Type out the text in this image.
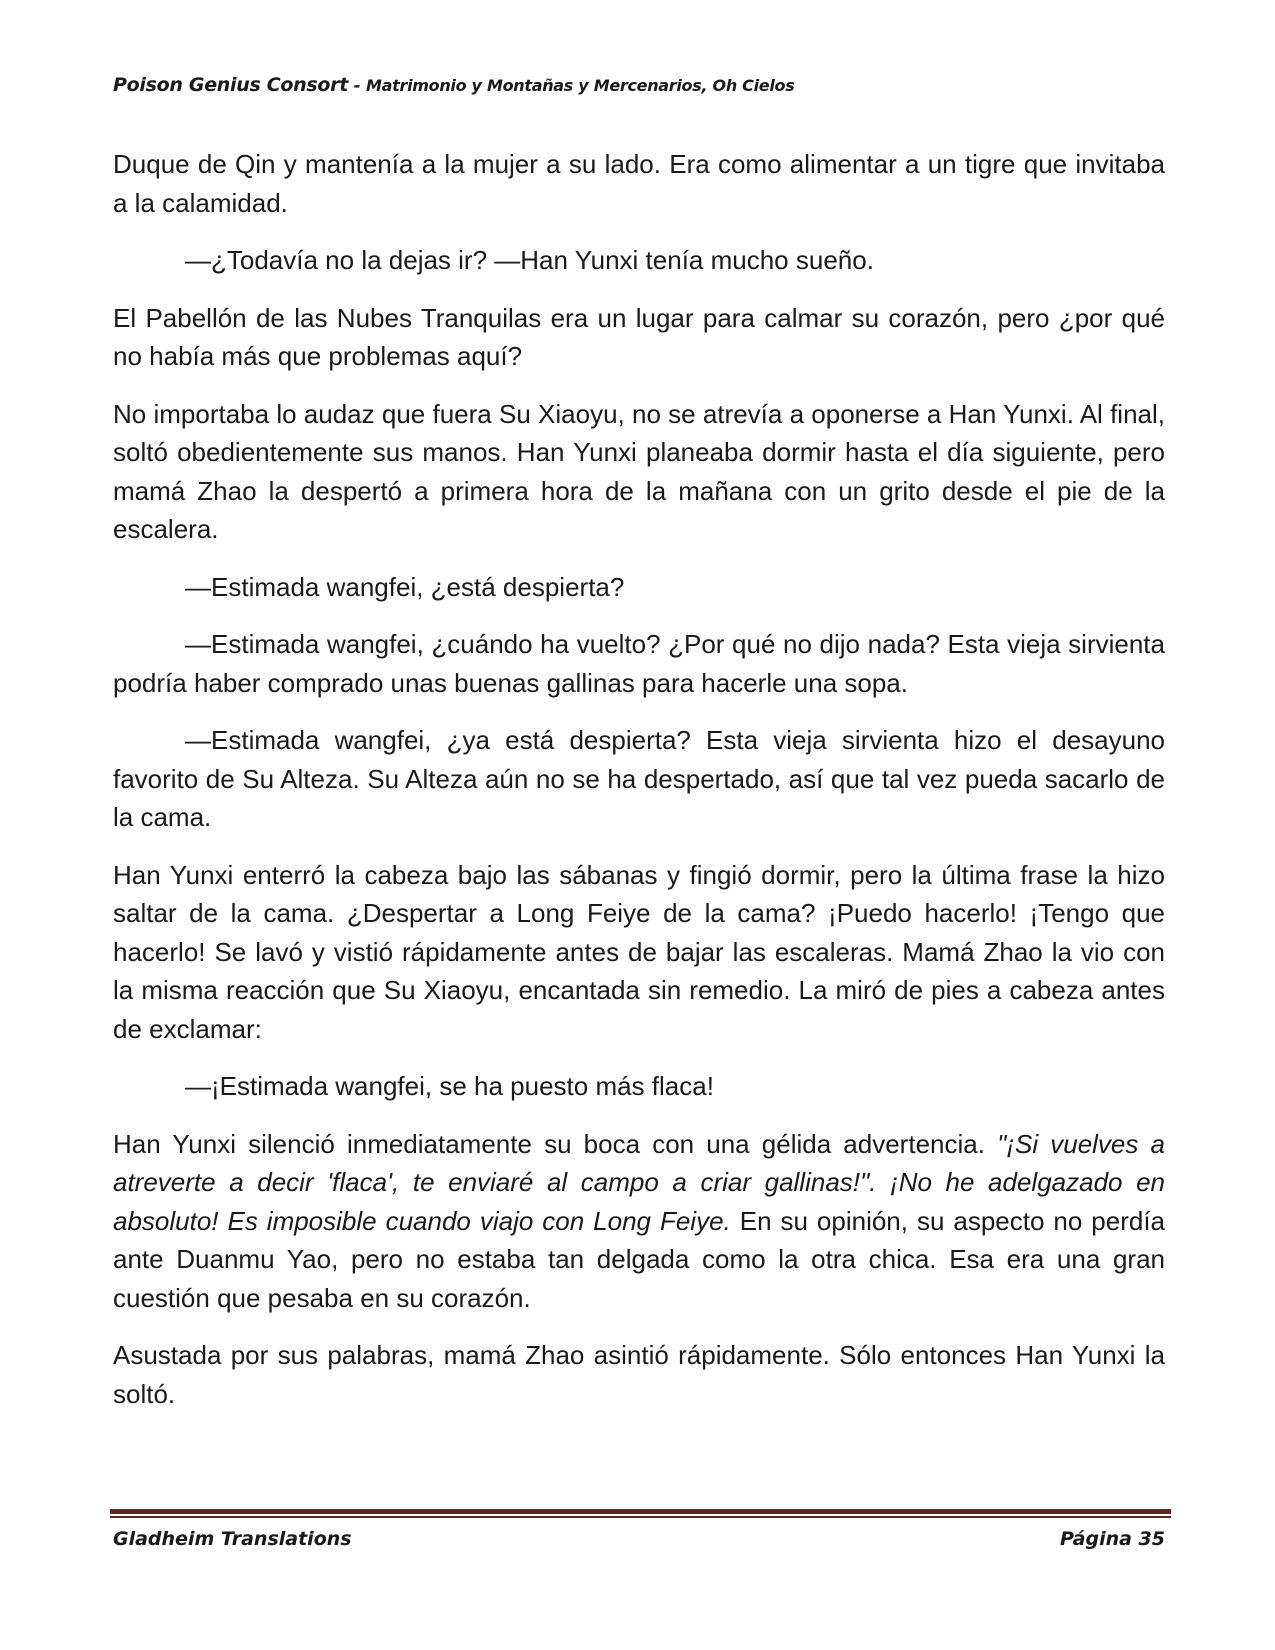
Poison Genius Consort - Matrimonio y Montañas y Mercenarios, Oh Cielos

Duque de Qin y mantenía a la mujer a su lado. Era como alimentar a un tigre que invitaba a la calamidad.

—¿Todavía no la dejas ir? —Han Yunxi tenía mucho sueño.

El Pabellón de las Nubes Tranquilas era un lugar para calmar su corazón, pero ¿por qué no había más que problemas aquí?

No importaba lo audaz que fuera Su Xiaoyu, no se atrevía a oponerse a Han Yunxi. Al final, soltó obedientemente sus manos. Han Yunxi planeaba dormir hasta el día siguiente, pero mamá Zhao la despertó a primera hora de la mañana con un grito desde el pie de la escalera.

—Estimada wangfei, ¿está despierta?

—Estimada wangfei, ¿cuándo ha vuelto? ¿Por qué no dijo nada? Esta vieja sirvienta podría haber comprado unas buenas gallinas para hacerle una sopa.

—Estimada wangfei, ¿ya está despierta? Esta vieja sirvienta hizo el desayuno favorito de Su Alteza. Su Alteza aún no se ha despertado, así que tal vez pueda sacarlo de la cama.

Han Yunxi enterró la cabeza bajo las sábanas y fingió dormir, pero la última frase la hizo saltar de la cama. ¿Despertar a Long Feiye de la cama? ¡Puedo hacerlo! ¡Tengo que hacerlo! Se lavó y vistió rápidamente antes de bajar las escaleras. Mamá Zhao la vio con la misma reacción que Su Xiaoyu, encantada sin remedio. La miró de pies a cabeza antes de exclamar:

—¡Estimada wangfei, se ha puesto más flaca!

Han Yunxi silenció inmediatamente su boca con una gélida advertencia. "¡Si vuelves a atreverte a decir 'flaca', te enviaré al campo a criar gallinas!". ¡No he adelgazado en absoluto! Es imposible cuando viajo con Long Feiye. En su opinión, su aspecto no perdía ante Duanmu Yao, pero no estaba tan delgada como la otra chica. Esa era una gran cuestión que pesaba en su corazón.

Asustada por sus palabras, mamá Zhao asintió rápidamente. Sólo entonces Han Yunxi la soltó.

Gladheim Translations	Página 35
